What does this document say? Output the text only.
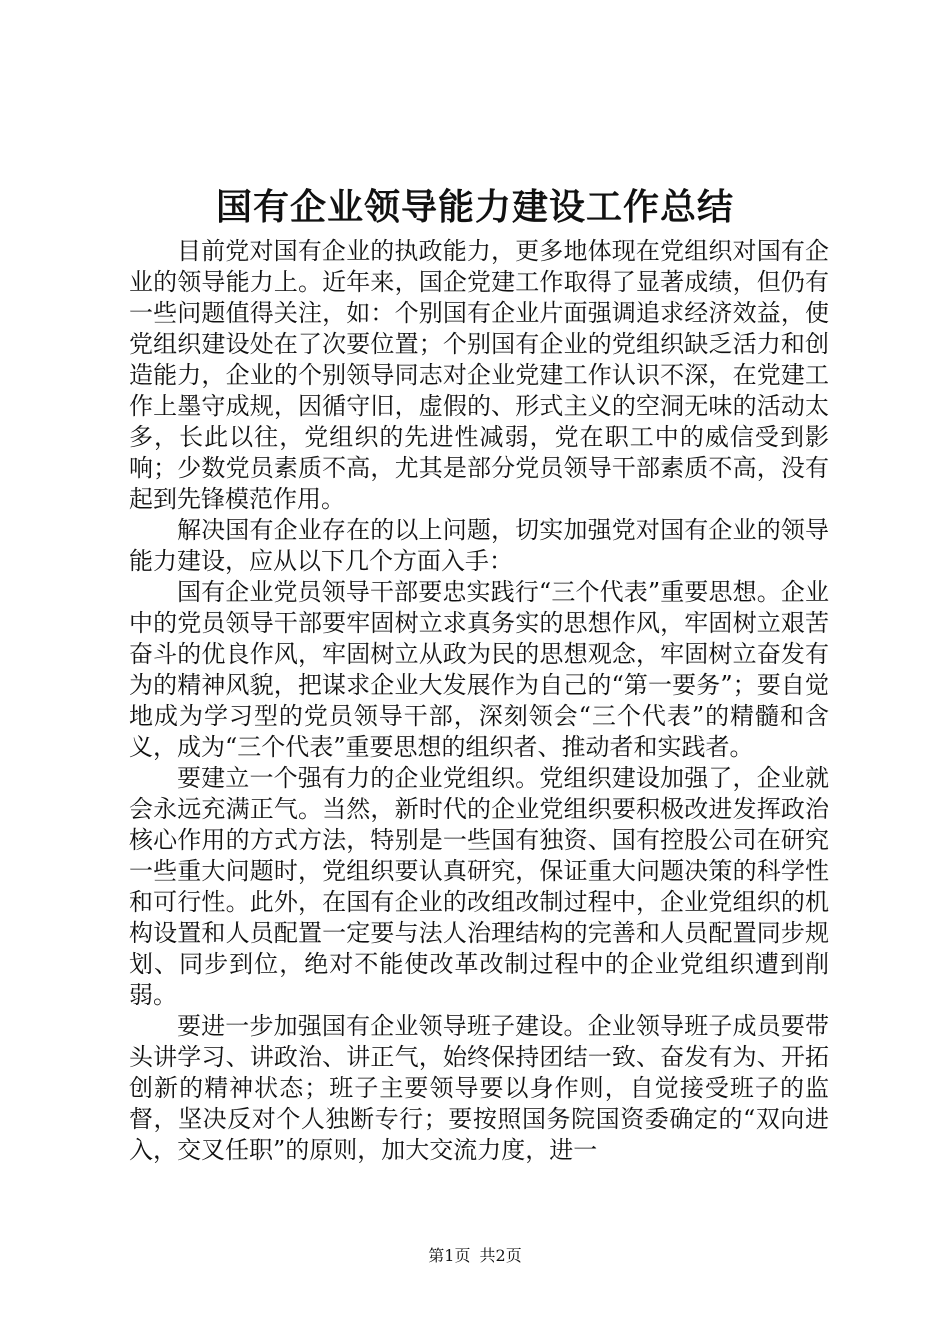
国有企业领导能力建设工作总结

目前党对国有企业的执政能力，更多地体现在党组织对国有企业的领导能力上。近年来，国企党建工作取得了显著成绩，但仍有一些问题值得关注，如：个别国有企业片面强调追求经济效益，使党组织建设处在了次要位置；个别国有企业的党组织缺乏活力和创造能力，企业的个别领导同志对企业党建工作认识不深，在党建工作上墨守成规，因循守旧，虚假的、形式主义的空洞无味的活动太多，长此以往，党组织的先进性减弱，党在职工中的威信受到影响；少数党员素质不高，尤其是部分党员领导干部素质不高，没有起到先锋模范作用。

解决国有企业存在的以上问题，切实加强党对国有企业的领导能力建设，应从以下几个方面入手：

国有企业党员领导干部要忠实践行“三个代表”重要思想。企业中的党员领导干部要牢固树立求真务实的思想作风，牢固树立艰苦奋斗的优良作风，牢固树立从政为民的思想观念，牢固树立奋发有为的精神风貌，把谋求企业大发展作为自己的“第一要务”；要自觉地成为学习型的党员领导干部，深刻领会“三个代表”的精髓和含义，成为“三个代表”重要思想的组织者、推动者和实践者。

要建立一个强有力的企业党组织。党组织建设加强了，企业就会永远充满正气。当然，新时代的企业党组织要积极改进发挥政治核心作用的方式方法，特别是一些国有独资、国有控股公司在研究一些重大问题时，党组织要认真研究，保证重大问题决策的科学性和可行性。此外，在国有企业的改组改制过程中，企业党组织的机构设置和人员配置一定要与法人治理结构的完善和人员配置同步规划、同步到位，绝对不能使改革改制过程中的企业党组织遭到削弱。

要进一步加强国有企业领导班子建设。企业领导班子成员要带头讲学习、讲政治、讲正气，始终保持团结一致、奋发有为、开拓创新的精神状态；班子主要领导要以身作则，自觉接受班子的监督，坚决反对个人独断专行；要按照国务院国资委确定的“双向进入，交叉任职”的原则，加大交流力度，进一

第1页 共2页
